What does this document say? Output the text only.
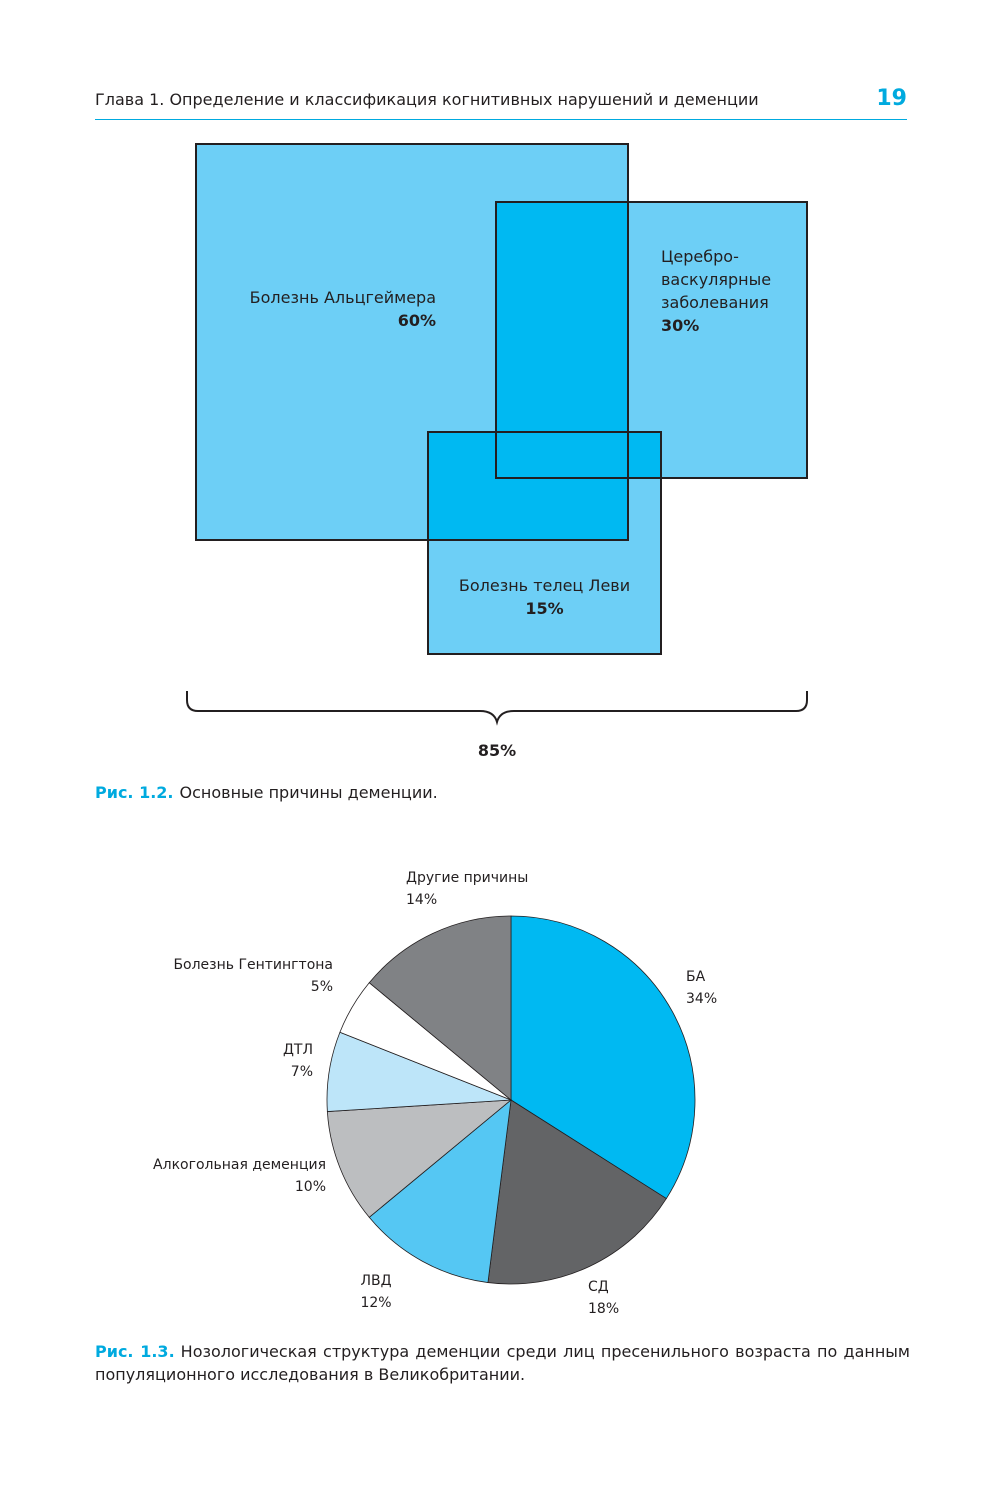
Глава 1. Определение и классификация когнитивных нарушений и деменции	19
Болезнь Альцгеймера
60%
Церебро-
васкулярные
заболевания
30%
Болезнь телец Леви
15%
85%
Рис. 1.2. Основные причины деменции.
Другие причины
14%
БА
34%
Болезнь Гентингтона
5%
ДТЛ
7%
Алкогольная деменция
10%
ЛВД
12%
СД
18%
Рис. 1.3. Нозологическая структура деменции среди лиц пресенильного возраста по данным популяционного исследования в Великобритании.
